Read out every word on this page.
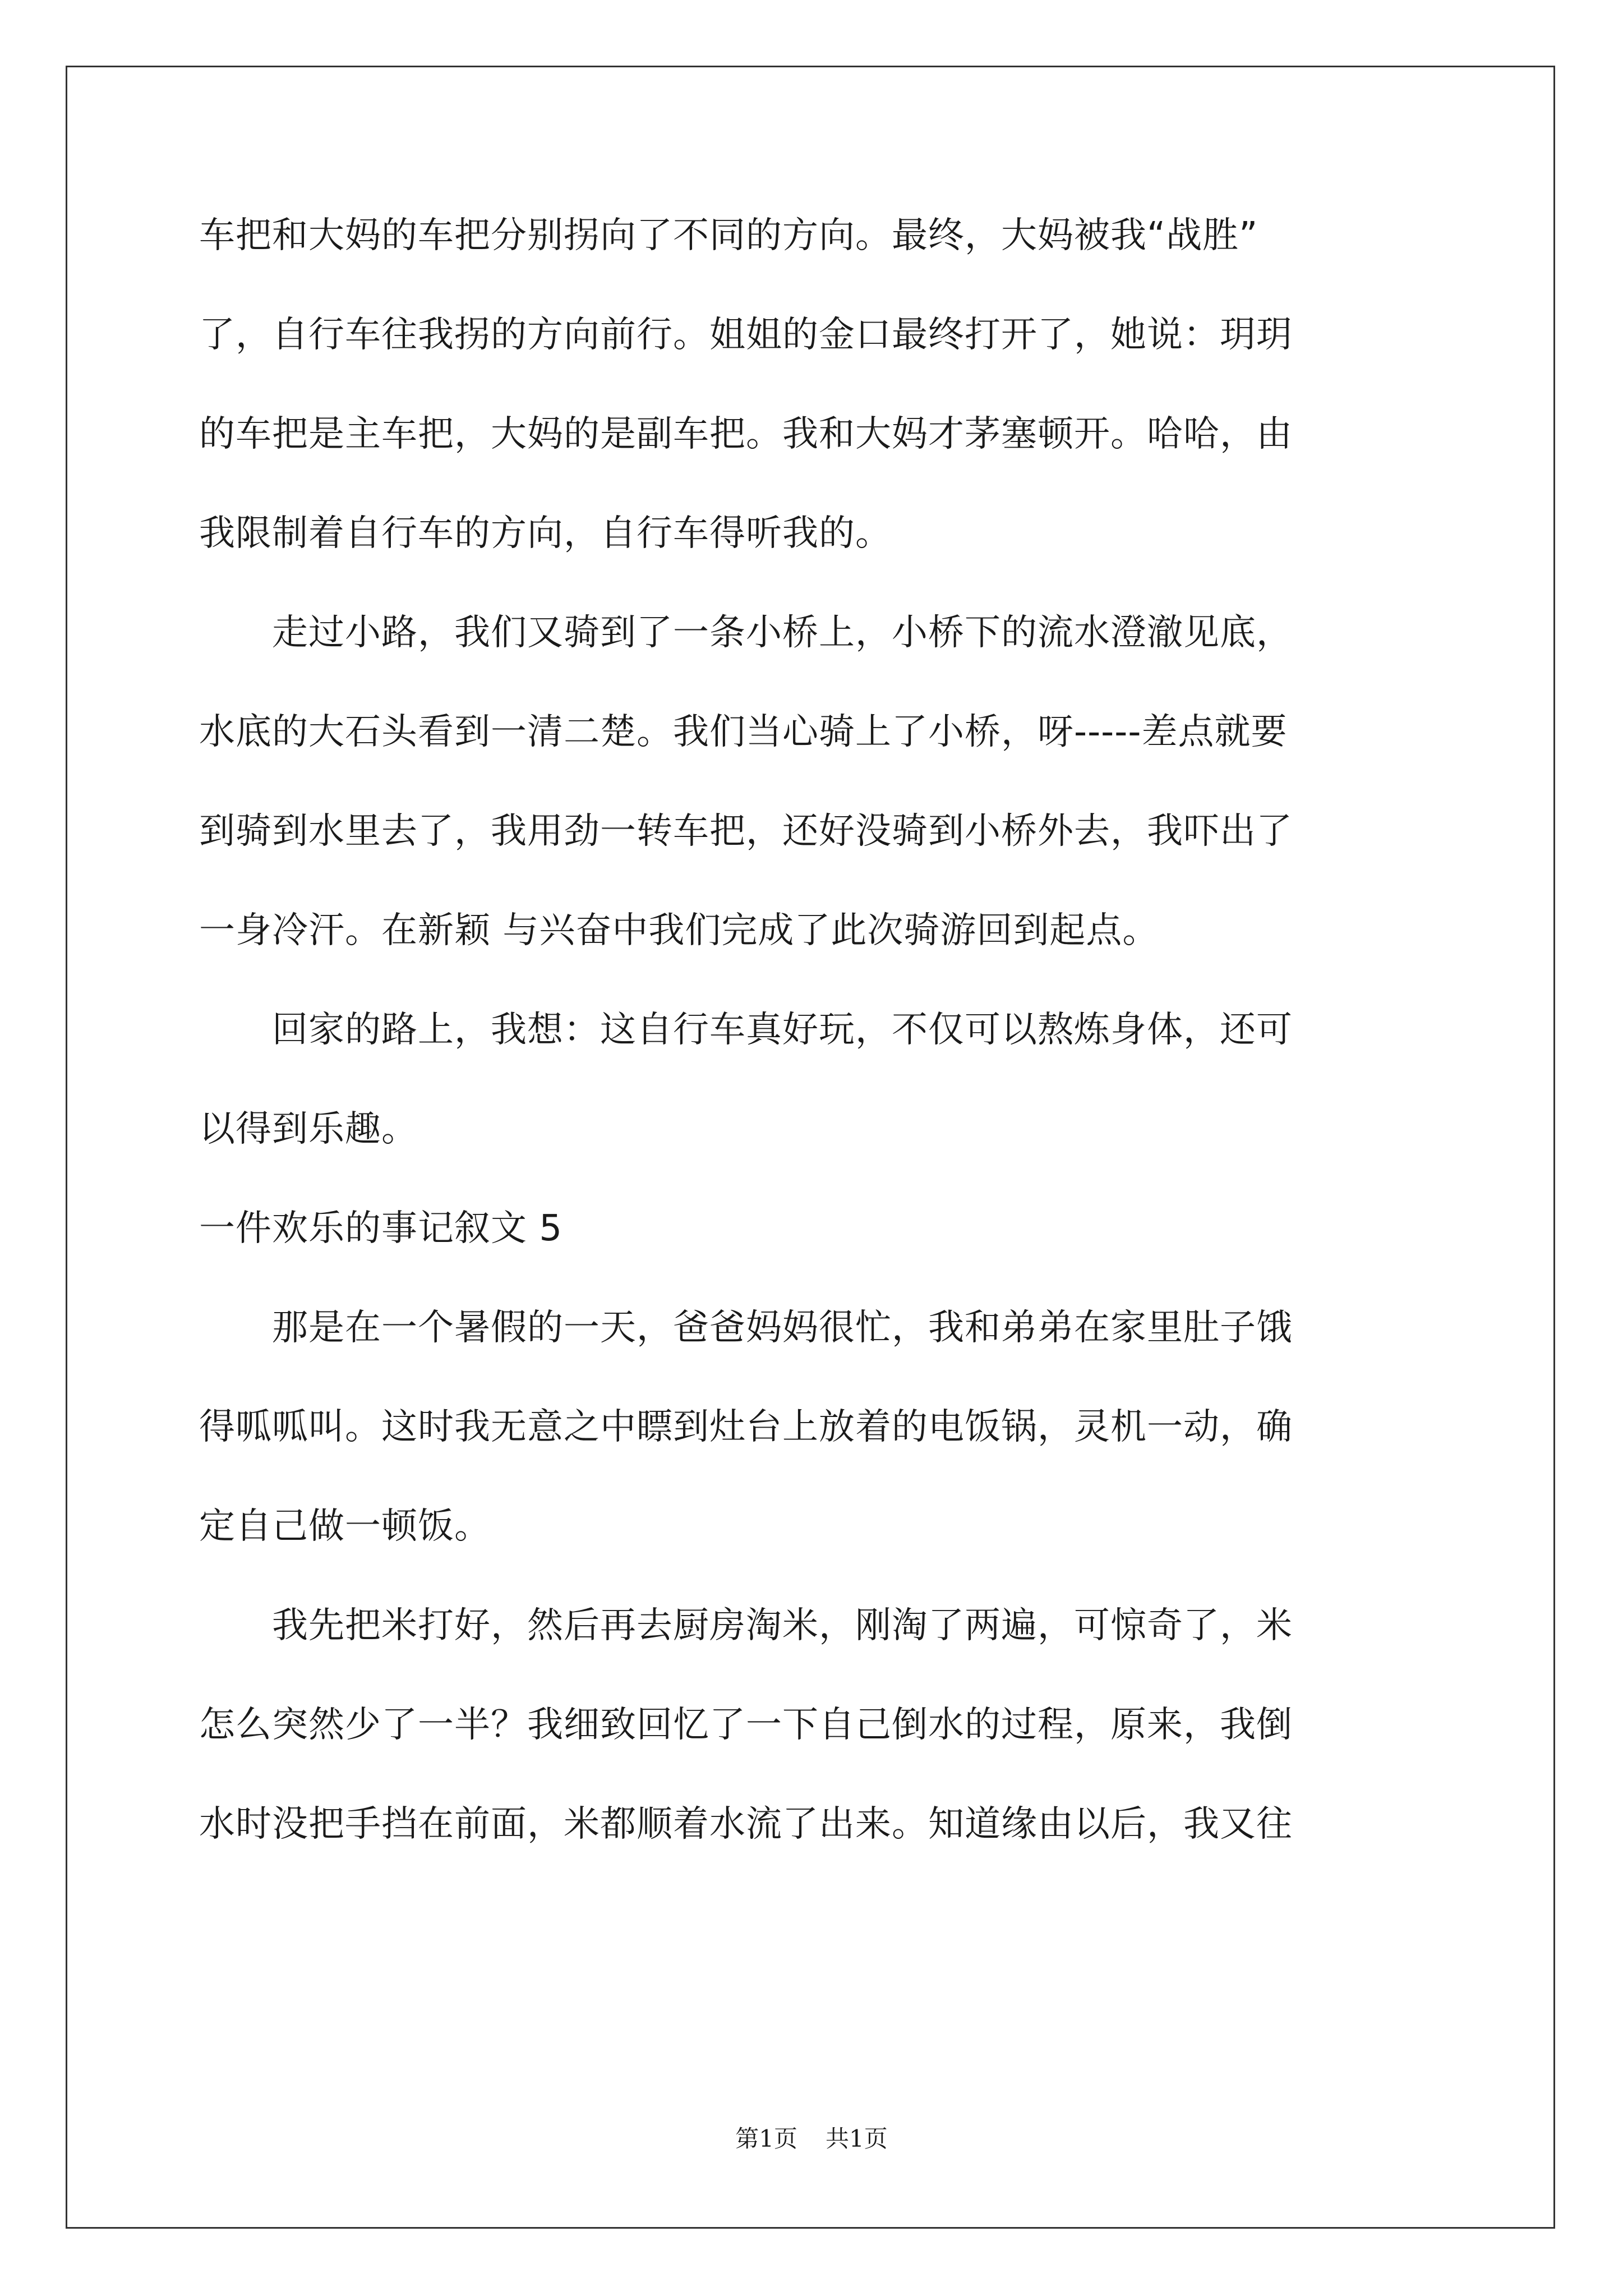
车把和大妈的车把分别拐向了不同的方向。最终，大妈被我“战胜”
了，自行车往我拐的方向前行。姐姐的金口最终打开了，她说：玥玥
的车把是主车把，大妈的是副车把。我和大妈才茅塞顿开。哈哈，由
我限制着自行车的方向，自行车得听我的。
　　走过小路，我们又骑到了一条小桥上，小桥下的流水澄澈见底，
水底的大石头看到一清二楚。我们当心骑上了小桥，呀-----差点就要
到骑到水里去了，我用劲一转车把，还好没骑到小桥外去，我吓出了
一身冷汗。在新颖 与兴奋中我们完成了此次骑游回到起点。
　　回家的路上，我想：这自行车真好玩，不仅可以熬炼身体，还可
以得到乐趣。
一件欢乐的事记叙文 5
　　那是在一个暑假的一天，爸爸妈妈很忙，我和弟弟在家里肚子饿
得呱呱叫。这时我无意之中瞟到灶台上放着的电饭锅，灵机一动，确
定自己做一顿饭。
　　我先把米打好，然后再去厨房淘米，刚淘了两遍，可惊奇了，米
怎么突然少了一半？我细致回忆了一下自己倒水的过程，原来，我倒
水时没把手挡在前面，米都顺着水流了出来。知道缘由以后，我又往
第1页 共1页
